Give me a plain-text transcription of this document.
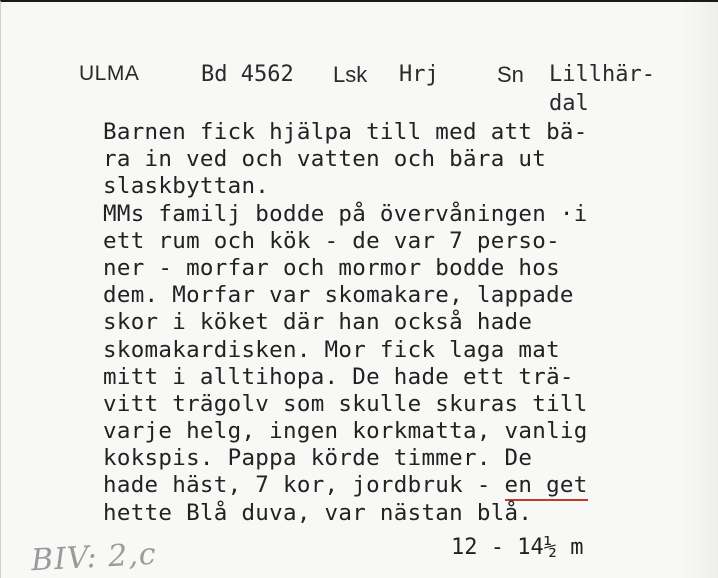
ULMA	Bd 4562 Lsk Hrj	Sn Lillhär-
dal
Barnen fick hjälpa till med att bä-
ra in ved och vatten och bära ut
slaskbyttan.
MMs familj bodde på övervåningen ·i
ett rum och kök - de var 7 perso-
ner - morfar och mormor bodde hos
dem. Morfar var skomakare, lappade
skor i köket där han också hade
skomakardisken. Mor fick laga mat
mitt i alltihopa. De hade ett trä-
vitt trägolv som skulle skuras till
varje helg, ingen korkmatta, vanlig
kokspis. Pappa körde timmer. De
hade häst, 7 kor, jordbruk - en get
hette Blå duva, var nästan blå.
12 - 14½ m
BIV: 2,c
